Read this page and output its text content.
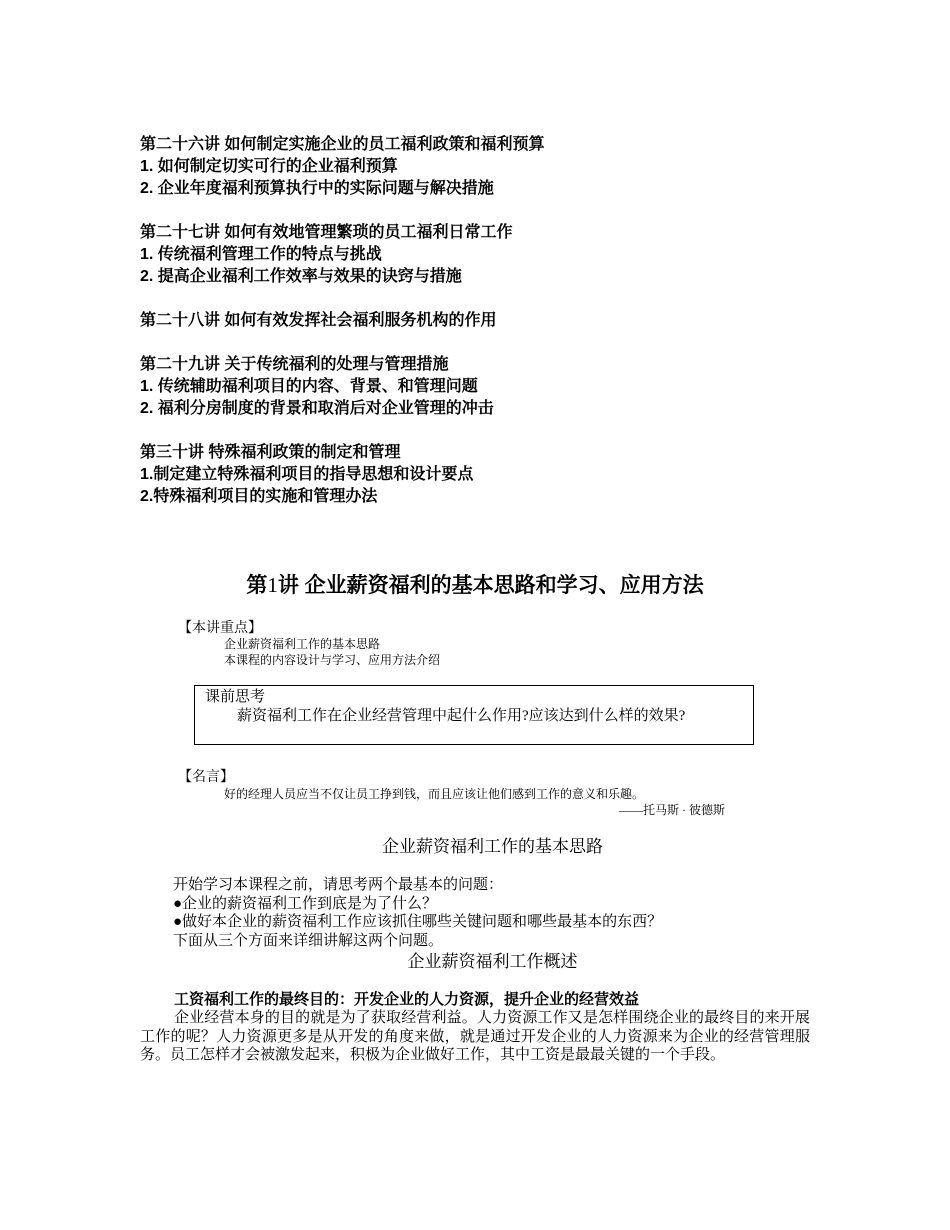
第二十六讲 如何制定实施企业的员工福利政策和福利预算
1. 如何制定切实可行的企业福利预算
2. 企业年度福利预算执行中的实际问题与解决措施
第二十七讲 如何有效地管理繁琐的员工福利日常工作
1. 传统福利管理工作的特点与挑战
2. 提高企业福利工作效率与效果的诀窍与措施
第二十八讲 如何有效发挥社会福利服务机构的作用
第二十九讲 关于传统福利的处理与管理措施
1. 传统辅助福利项目的内容、背景、和管理问题
2. 福利分房制度的背景和取消后对企业管理的冲击
第三十讲 特殊福利政策的制定和管理
1.制定建立特殊福利项目的指导思想和设计要点
2.特殊福利项目的实施和管理办法
第1讲 企业薪资福利的基本思路和学习、应用方法
【本讲重点】
企业薪资福利工作的基本思路
本课程的内容设计与学习、应用方法介绍
课前思考
薪资福利工作在企业经营管理中起什么作用?应该达到什么样的效果?
【名言】
好的经理人员应当不仅让员工挣到钱，而且应该让他们感到工作的意义和乐趣。
——托马斯 · 彼德斯
企业薪资福利工作的基本思路
开始学习本课程之前，请思考两个最基本的问题：
●企业的薪资福利工作到底是为了什么？
●做好本企业的薪资福利工作应该抓住哪些关键问题和哪些最基本的东西？
下面从三个方面来详细讲解这两个问题。
企业薪资福利工作概述
工资福利工作的最终目的：开发企业的人力资源，提升企业的经营效益
企业经营本身的目的就是为了获取经营利益。人力资源工作又是怎样围绕企业的最终目的来开展工作的呢？人力资源更多是从开发的角度来做，就是通过开发企业的人力资源来为企业的经营管理服务。员工怎样才会被激发起来，积极为企业做好工作，其中工资是最最关键的一个手段。
